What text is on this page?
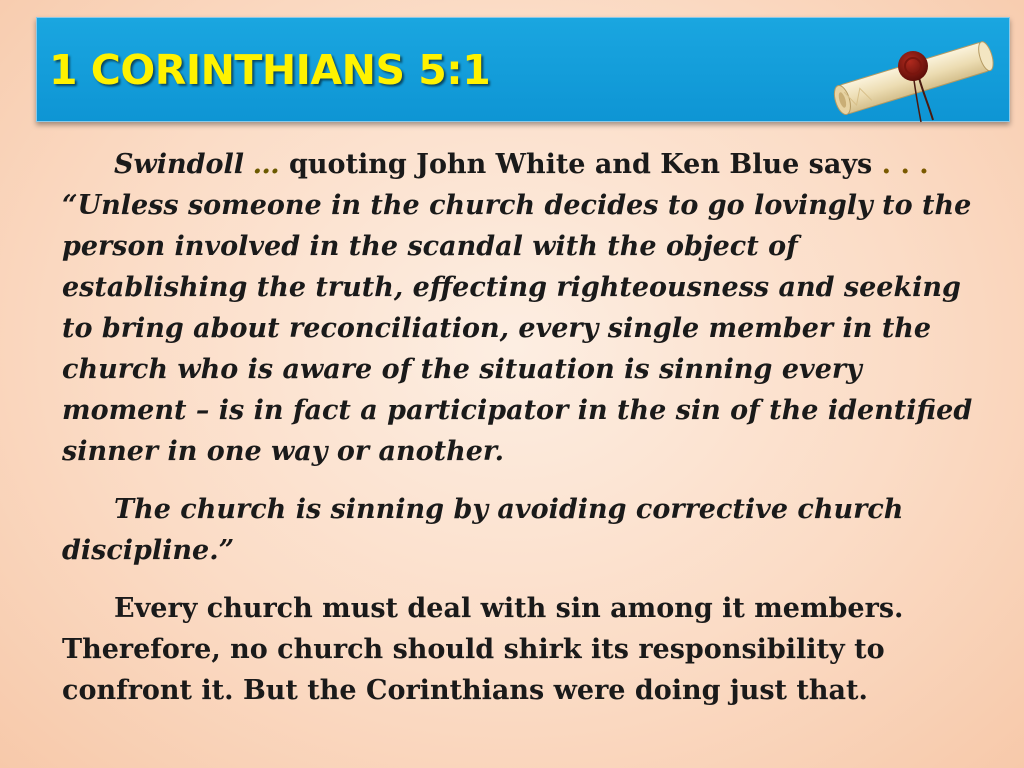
1 CORINTHIANS 5:1

Swindoll … quoting John White and Ken Blue says . . . “Unless someone in the church decides to go lovingly to the person involved in the scandal with the object of establishing the truth, effecting righteousness and seeking to bring about reconciliation, every single member in the church who is aware of the situation is sinning every moment – is in fact a participator in the sin of the identified sinner in one way or another.

The church is sinning by avoiding corrective church discipline.”

Every church must deal with sin among it members. Therefore, no church should shirk its responsibility to confront it. But the Corinthians were doing just that.
